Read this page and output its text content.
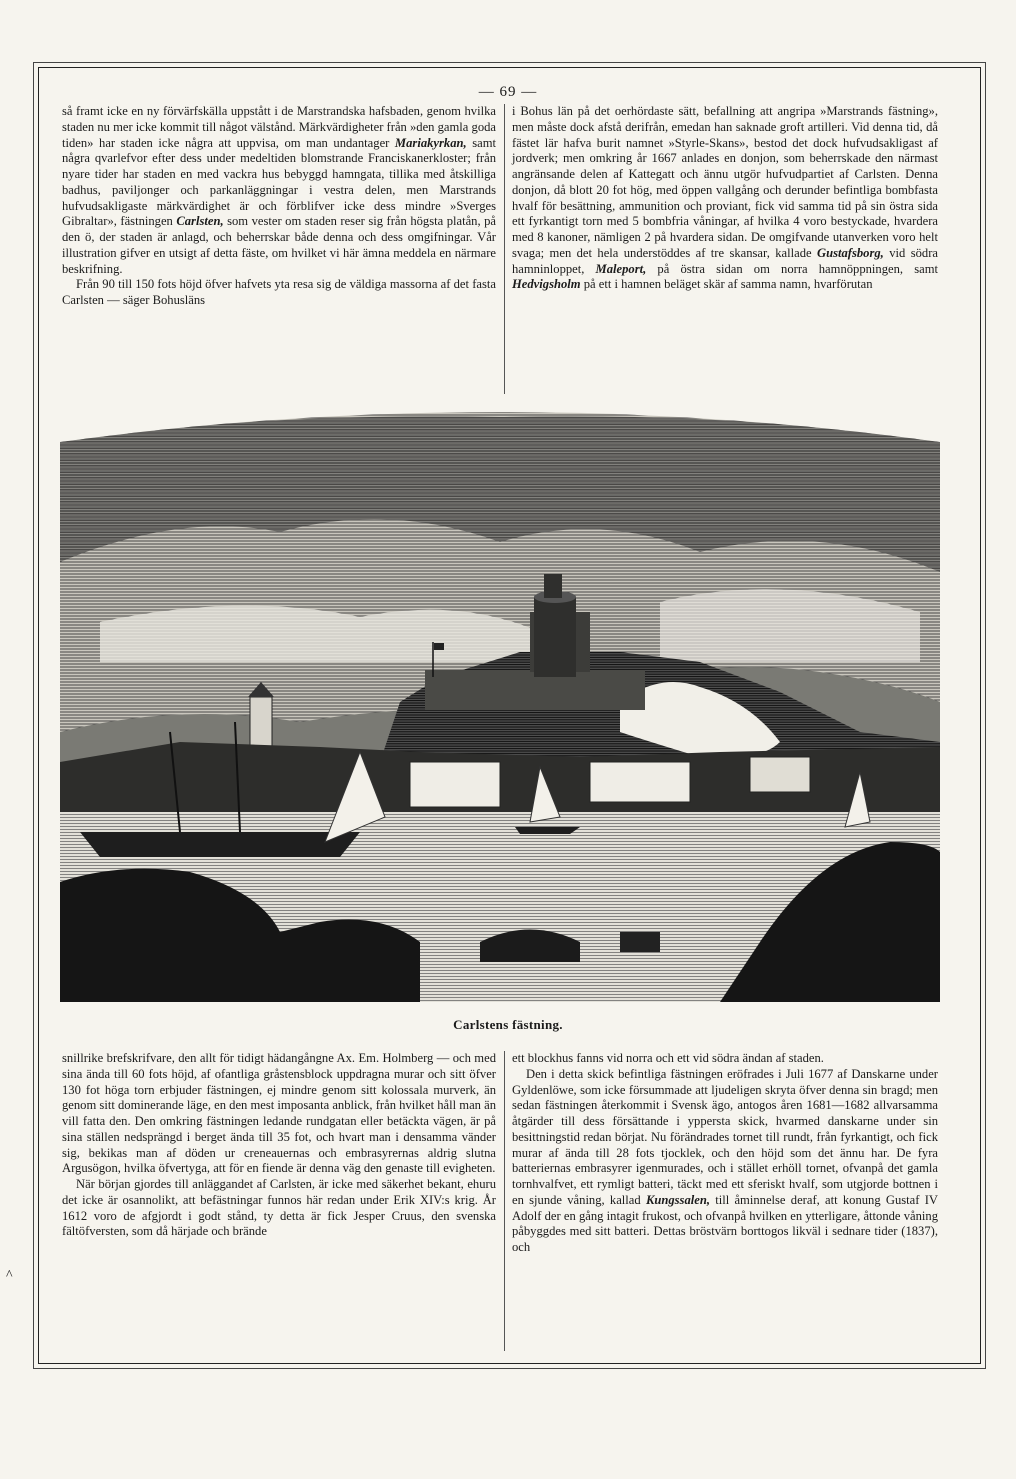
— 69 —

så framt icke en ny förvärfskälla uppstått i de Marstrandska hafsbaden, genom hvilka staden nu mer icke kommit till något välstånd. Märkvärdigheter från »den gamla goda tiden» har staden icke några att uppvisa, om man undantager Mariakyrkan, samt några qvarlefvor efter dess under medeltiden blomstrande Franciskanerkloster; från nyare tider har staden en med vackra hus bebyggd hamngata, tillika med åtskilliga badhus, paviljonger och parkanläggningar i vestra delen, men Marstrands hufvudsakligaste märkvärdighet är och förblifver icke dess mindre »Sverges Gibraltar», fästningen Carlsten, som vester om staden reser sig från högsta platån, på den ö, der staden är anlagd, och beherrskar både denna och dess omgifningar. Vår illustration gifver en utsigt af detta fäste, om hvilket vi här ämna meddela en närmare beskrifning.

Från 90 till 150 fots höjd öfver hafvets yta resa sig de väldiga massorna af det fasta Carlsten — säger Bohusläns

i Bohus län på det oerhördaste sätt, befallning att angripa »Marstrands fästning», men måste dock afstå derifrån, emedan han saknade groft artilleri. Vid denna tid, då fästet lär hafva burit namnet »Styrle-Skans», bestod det dock hufvudsakligast af jordverk; men omkring år 1667 anlades en donjon, som beherrskade den närmast angränsande delen af Kattegatt och ännu utgör hufvudpartiet af Carlsten. Denna donjon, då blott 20 fot hög, med öppen vallgång och derunder befintliga bombfasta hvalf för besättning, ammunition och proviant, fick vid samma tid på sin östra sida ett fyrkantigt torn med 5 bombfria våningar, af hvilka 4 voro bestyckade, hvardera med 8 kanoner, nämligen 2 på hvardera sidan. De omgifvande utanverken voro helt svaga; men det hela understöddes af tre skansar, kallade Gustafsborg, vid södra hamninloppet, Maleport, på östra sidan om norra hamnöppningen, samt Hedvigsholm på ett i hamnen beläget skär af samma namn, hvarförutan

Carlstens fästning.

snillrike brefskrifvare, den allt för tidigt hädangångne Ax. Em. Holmberg — och med sina ända till 60 fots höjd, af ofantliga gråstensblock uppdragna murar och sitt öfver 130 fot höga torn erbjuder fästningen, ej mindre genom sitt kolossala murverk, än genom sitt dominerande läge, en den mest imposanta anblick, från hvilket håll man än vill fatta den. Den omkring fästningen ledande rundgatan eller betäckta vägen, är på sina ställen nedsprängd i berget ända till 35 fot, och hvart man i densamma vänder sig, bekikas man af döden ur creneauernas och embrasyrernas aldrig slutna Argusögon, hvilka öfvertyga, att för en fiende är denna väg den genaste till evigheten.

När början gjordes till anläggandet af Carlsten, är icke med säkerhet bekant, ehuru det icke är osannolikt, att befästningar funnos här redan under Erik XIV:s krig. År 1612 voro de afgjordt i godt stånd, ty detta är fick Jesper Cruus, den svenska fältöfversten, som då härjade och brände

ett blockhus fanns vid norra och ett vid södra ändan af staden.

Den i detta skick befintliga fästningen eröfrades i Juli 1677 af Danskarne under Gyldenlöwe, som icke försummade att ljudeligen skryta öfver denna sin bragd; men sedan fästningen återkommit i Svensk ägo, antogos åren 1681—1682 allvarsamma åtgärder till dess försättande i yppersta skick, hvarmed danskarne under sin besittningstid redan börjat. Nu förändrades tornet till rundt, från fyrkantigt, och fick murar af ända till 28 fots tjocklek, och den höjd som det ännu har. De fyra batteriernas embrasyrer igenmurades, och i stället erhöll tornet, ofvanpå det gamla tornhvalfvet, ett rymligt batteri, täckt med ett sferiskt hvalf, som utgjorde bottnen i en sjunde våning, kallad Kungssalen, till åminnelse deraf, att konung Gustaf IV Adolf der en gång intagit frukost, och ofvanpå hvilken en ytterligare, åttonde våning påbyggdes med sitt batteri. Dettas bröstvärn borttogos likväl i sednare tider (1837), och

^
